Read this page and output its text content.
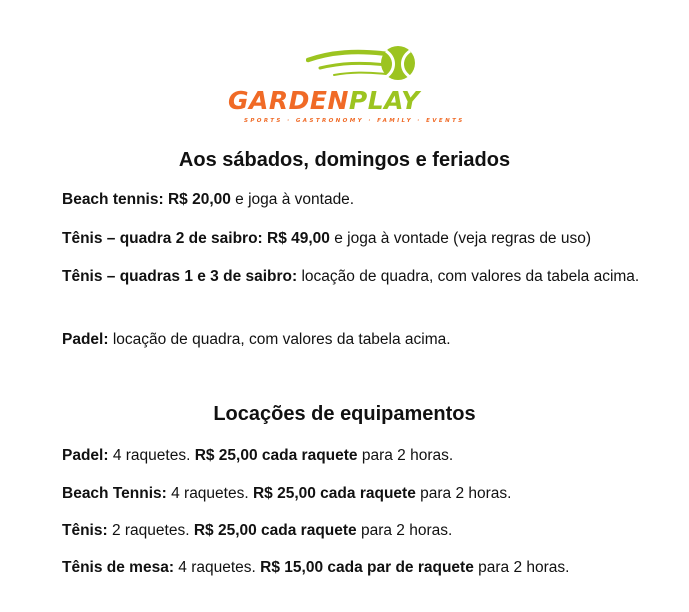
GARDENPLAY
SPORTS · GASTRONOMY · FAMILY · EVENTS
Aos sábados, domingos e feriados

Beach tennis: R$ 20,00 e joga à vontade.

Tênis – quadra 2 de saibro: R$ 49,00 e joga à vontade (veja regras de uso)

Tênis – quadras 1 e 3 de saibro: locação de quadra, com valores da tabela acima.

Padel: locação de quadra, com valores da tabela acima.

Locações de equipamentos

Padel: 4 raquetes. R$ 25,00 cada raquete para 2 horas.

Beach Tennis: 4 raquetes. R$ 25,00 cada raquete para 2 horas.

Tênis: 2 raquetes. R$ 25,00 cada raquete para 2 horas.

Tênis de mesa: 4 raquetes. R$ 15,00 cada par de raquete para 2 horas.
